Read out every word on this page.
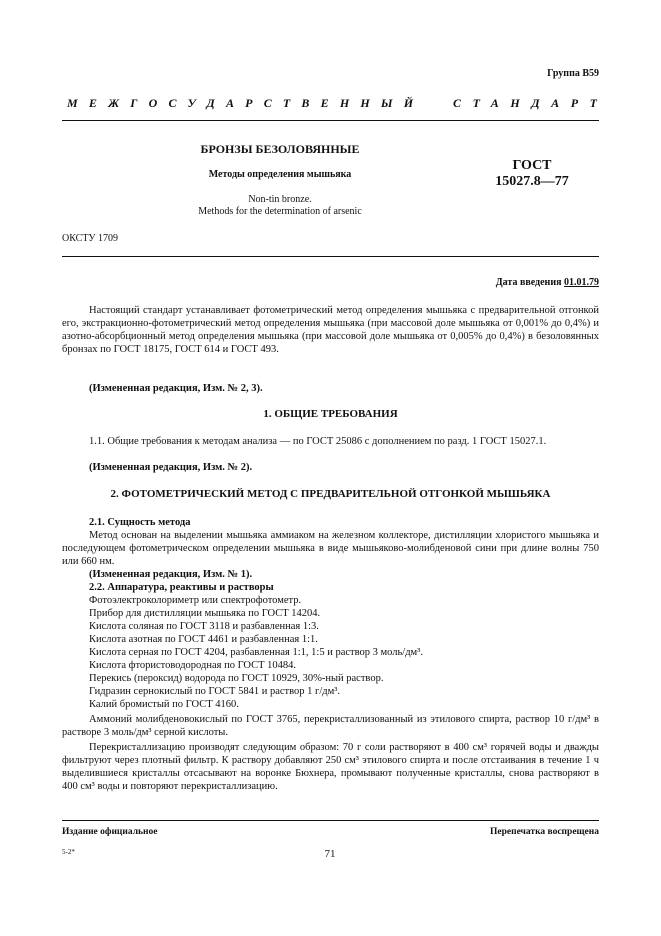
Группа В59
МЕЖГОСУДАРСТВЕННЫЙ СТАНДАРТ
БРОНЗЫ БЕЗОЛОВЯННЫЕ
Методы определения мышьяка
Non-tin bronze.
Methods for the determination of arsenic
ГОСТ
15027.8—77
ОКСТУ 1709
Дата введения 01.01.79
Настоящий стандарт устанавливает фотометрический метод определения мышьяка с предварительной отгонкой его, экстракционно-фотометрический метод определения мышьяка (при массовой доле мышьяка от 0,001% до 0,4%) и азотно-абсорбционный метод определения мышьяка (при массовой доле мышьяка от 0,005% до 0,4%) в безоловянных бронзах по ГОСТ 18175, ГОСТ 614 и ГОСТ 493.
(Измененная редакция, Изм. № 2, 3).
1. ОБЩИЕ ТРЕБОВАНИЯ
1.1. Общие требования к методам анализа — по ГОСТ 25086 с дополнением по разд. 1 ГОСТ 15027.1.
(Измененная редакция, Изм. № 2).
2. ФОТОМЕТРИЧЕСКИЙ МЕТОД С ПРЕДВАРИТЕЛЬНОЙ ОТГОНКОЙ МЫШЬЯКА
2.1. Сущность метода
Метод основан на выделении мышьяка аммиаком на железном коллекторе, дистилляции хлористого мышьяка и последующем фотометрическом определении мышьяка в виде мышьяково-молибденовой сини при длине волны 750 или 660 нм.
(Измененная редакция, Изм. № 1).
2.2. Аппаратура, реактивы и растворы
Фотоэлектроколориметр или спектрофотометр.
Прибор для дистилляции мышьяка по ГОСТ 14204.
Кислота соляная по ГОСТ 3118 и разбавленная 1:3.
Кислота азотная по ГОСТ 4461 и разбавленная 1:1.
Кислота серная по ГОСТ 4204, разбавленная 1:1, 1:5 и раствор 3 моль/дм³.
Кислота фтористоводородная по ГОСТ 10484.
Перекись (пероксид) водорода по ГОСТ 10929, 30%-ный раствор.
Гидразин сернокислый по ГОСТ 5841 и раствор 1 г/дм³.
Калий бромистый по ГОСТ 4160.
Аммоний молибденовокислый по ГОСТ 3765, перекристаллизованный из этилового спирта, раствор 10 г/дм³ в растворе 3 моль/дм³ серной кислоты.
Перекристаллизацию производят следующим образом: 70 г соли растворяют в 400 см³ горячей воды и дважды фильтруют через плотный фильтр. К раствору добавляют 250 см³ этилового спирта и после отстаивания в течение 1 ч выделившиеся кристаллы отсасывают на воронке Бюхнера, промывают полученные кристаллы, снова растворяют в 400 см³ воды и повторяют перекристаллизацию.
Издание официальное	Перепечатка воспрещена
5-2*	71
